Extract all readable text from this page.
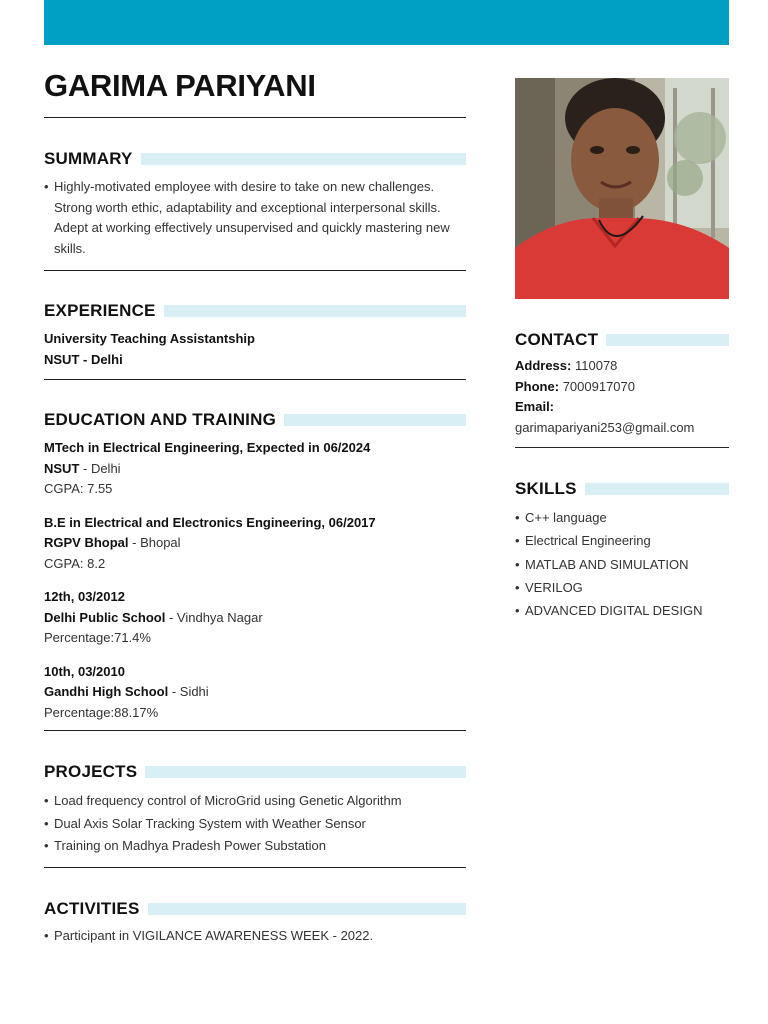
GARIMA PARIYANI
SUMMARY
• Highly-motivated employee with desire to take on new challenges. Strong worth ethic, adaptability and exceptional interpersonal skills. Adept at working effectively unsupervised and quickly mastering new skills.
EXPERIENCE
University Teaching Assistantship
NSUT - Delhi
EDUCATION AND TRAINING
MTech in Electrical Engineering, Expected in 06/2024
NSUT - Delhi
CGPA: 7.55
B.E in Electrical and Electronics Engineering, 06/2017
RGPV Bhopal - Bhopal
CGPA: 8.2
12th, 03/2012
Delhi Public School - Vindhya Nagar
Percentage:71.4%
10th, 03/2010
Gandhi High School - Sidhi
Percentage:88.17%
PROJECTS
• Load frequency control of MicroGrid using Genetic Algorithm
• Dual Axis Solar Tracking System with Weather Sensor
• Training on Madhya Pradesh Power Substation
ACTIVITIES
• Participant in VIGILANCE AWARENESS WEEK - 2022.
CONTACT
Address: 110078
Phone: 7000917070
Email:
garimapariyani253@gmail.com
SKILLS
• C++ language
• Electrical Engineering
• MATLAB AND SIMULATION
• VERILOG
• ADVANCED DIGITAL DESIGN
